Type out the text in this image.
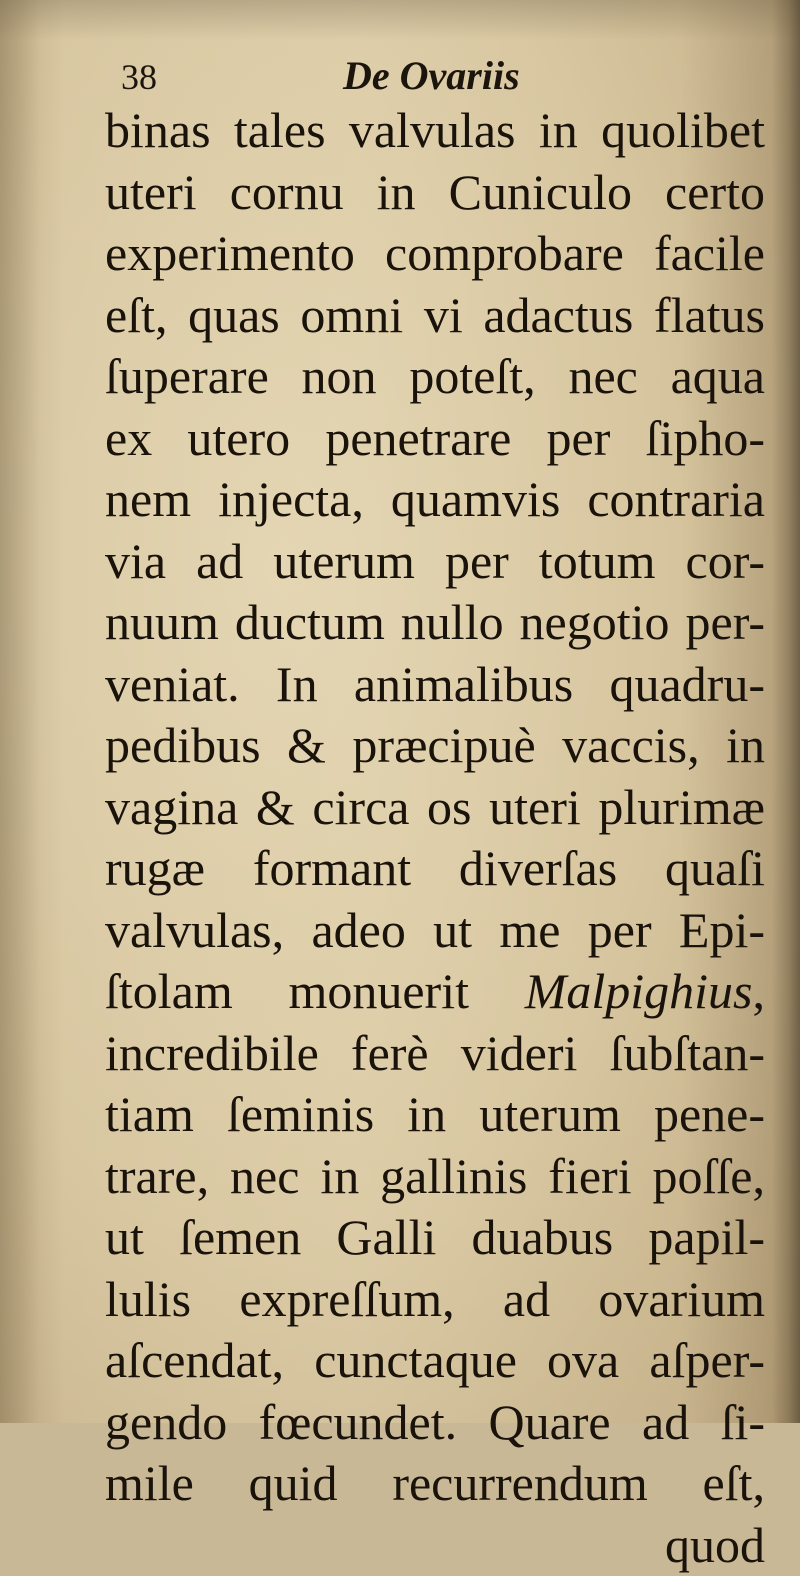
38	De Ovariis
binas tales valvulas in quolibet
uteri cornu in Cuniculo certo
experimento comprobare facile
eſt, quas omni vi adactus flatus
ſuperare non poteſt, nec aqua
ex utero penetrare per ſipho-
nem injecta, quamvis contraria
via ad uterum per totum cor-
nuum ductum nullo negotio per-
veniat. In animalibus quadru-
pedibus & præcipuè vaccis, in
vagina & circa os uteri plurimæ
rugæ formant diverſas quaſi
valvulas, adeo ut me per Epi-
ſtolam monuerit Malpighius,
incredibile ferè videri ſubſtan-
tiam ſeminis in uterum pene-
trare, nec in gallinis fieri poſſe,
ut ſemen Galli duabus papil-
lulis expreſſum, ad ovarium
aſcendat, cunctaque ova aſper-
gendo fœcundet. Quare ad ſi-
mile quid recurrendum eſt,
quod
